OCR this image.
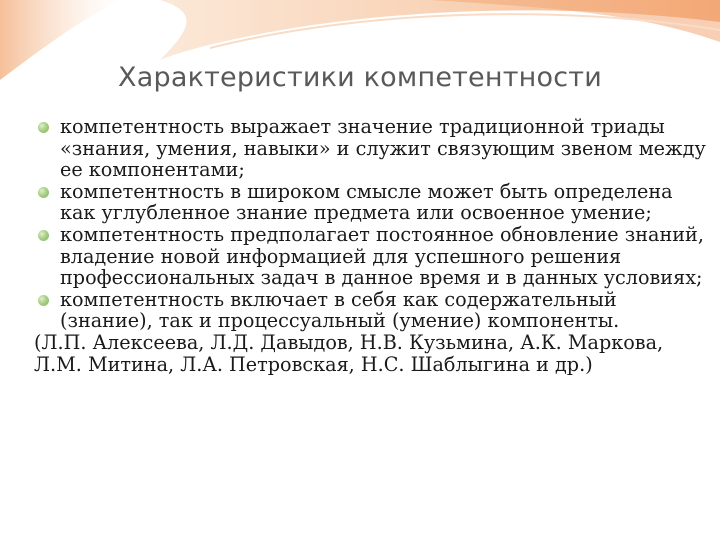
Характеристики компетентности
компетентность выражает значение традиционной триады «знания, умения, навыки» и служит связующим звеном между ее компонентами;
компетентность в широком смысле может быть определена как углубленное знание предмета или освоенное умение;
компетентность предполагает постоянное обновление знаний, владение новой информацией для успешного решения профессиональных задач в данное время и в данных условиях;
компетентность включает в себя как содержательный (знание), так и процессуальный (умение) компоненты.

(Л.П. Алексеева, Л.Д. Давыдов, Н.В. Кузьмина, А.К. Маркова, Л.М. Митина, Л.А. Петровская, Н.С. Шаблыгина и др.)
